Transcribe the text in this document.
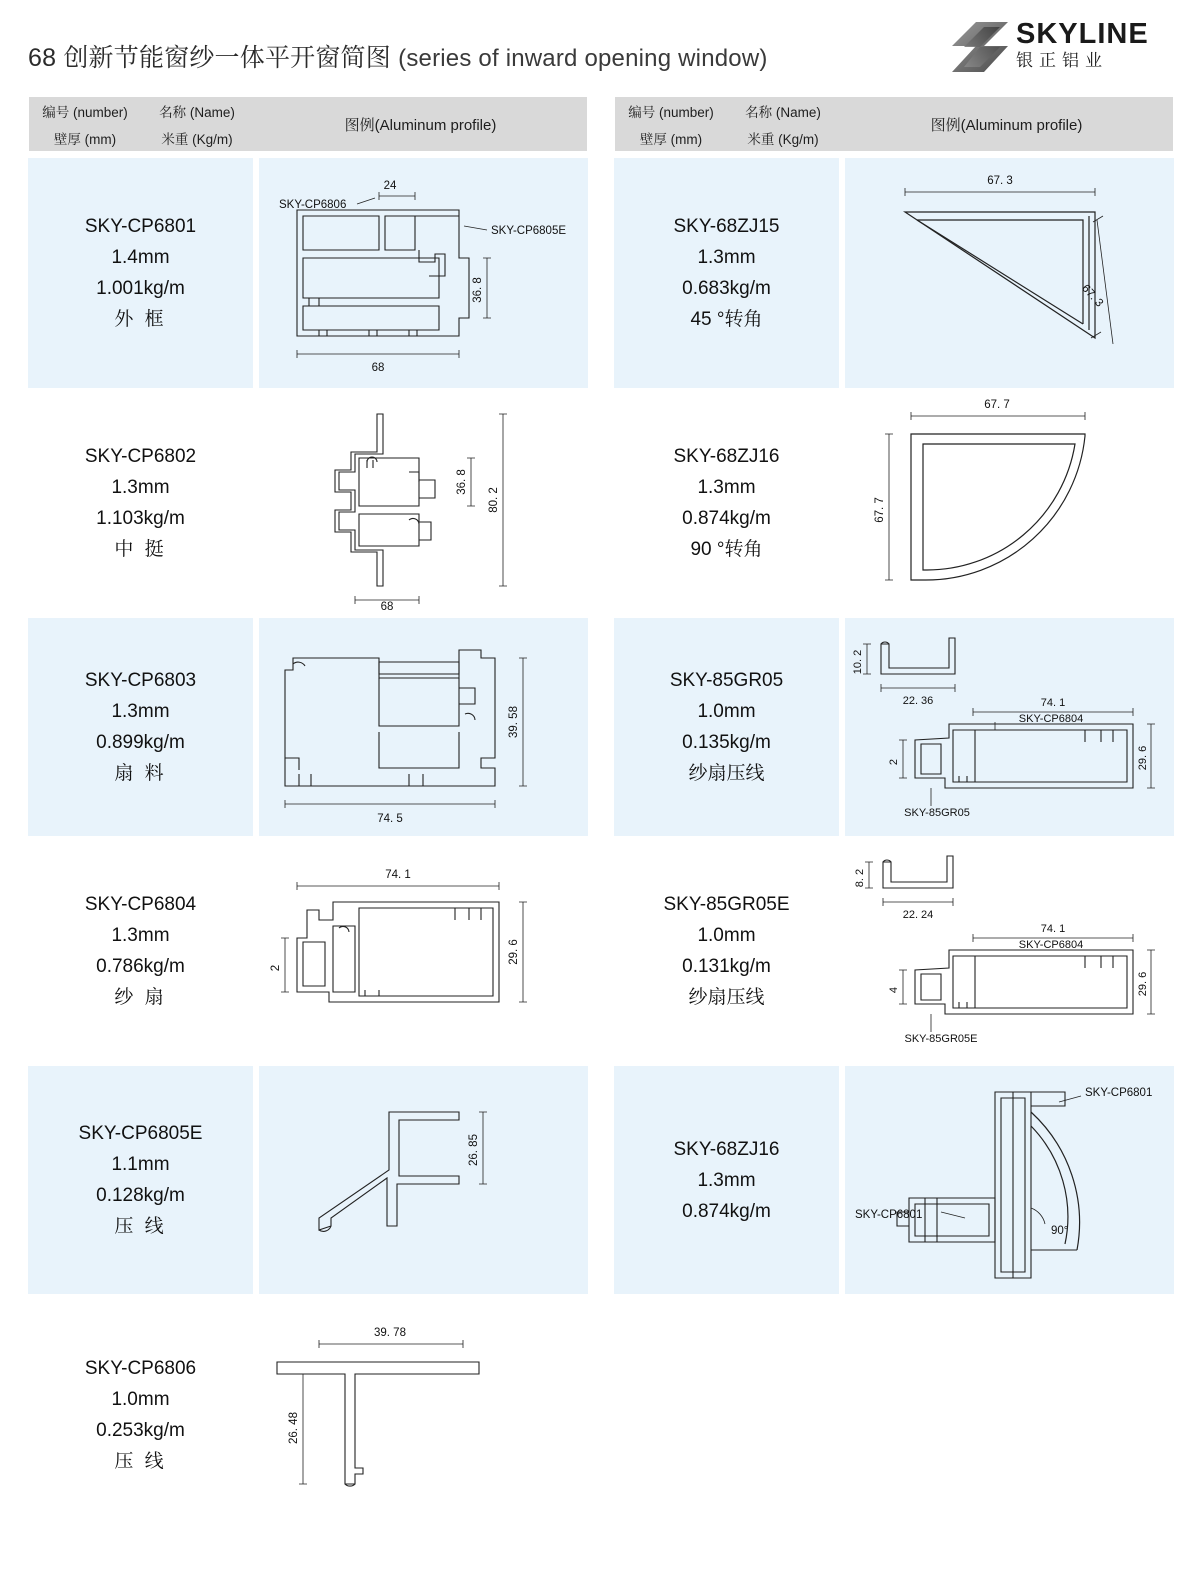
68 创新节能窗纱一体平开窗简图 (series of inward opening window)
SKYLINE
银正铝业
编号 (number)	名称 (Name)
壁厚 (mm)	米重 (Kg/m)
图例(Aluminum profile)
SKY-CP6801
1.4mm
1.001kg/m
外 框
24
SKY-CP6806
SKY-CP6805E
36. 8
68
SKY-CP6802
1.3mm
1.103kg/m
中 挺
36. 8
80. 2
68
SKY-CP6803
1.3mm
0.899kg/m
扇 料
39. 58
74. 5
SKY-CP6804
1.3mm
0.786kg/m
纱 扇
74. 1
29. 6
2
SKY-CP6805E
1.1mm
0.128kg/m
压 线
26. 85
SKY-CP6806
1.0mm
0.253kg/m
压 线
39. 78
26. 48
编号 (number)	名称 (Name)
壁厚 (mm)	米重 (Kg/m)
图例(Aluminum profile)
SKY-68ZJ15
1.3mm
0.683kg/m
45 °转角
67. 3
67. 3
SKY-68ZJ16
1.3mm
0.874kg/m
90 °转角
67. 7
67. 7
SKY-85GR05
1.0mm
0.135kg/m
纱扇压线
10. 2
22. 36	74. 1
SKY-CP6804
29. 6
2
SKY-85GR05
SKY-85GR05E
1.0mm
0.131kg/m
纱扇压线
8. 2
22. 24
74. 1
SKY-CP6804
29. 6
4
SKY-85GR05E
SKY-68ZJ16
1.3mm
0.874kg/m
SKY-CP6801
SKY-CP6801
90°
